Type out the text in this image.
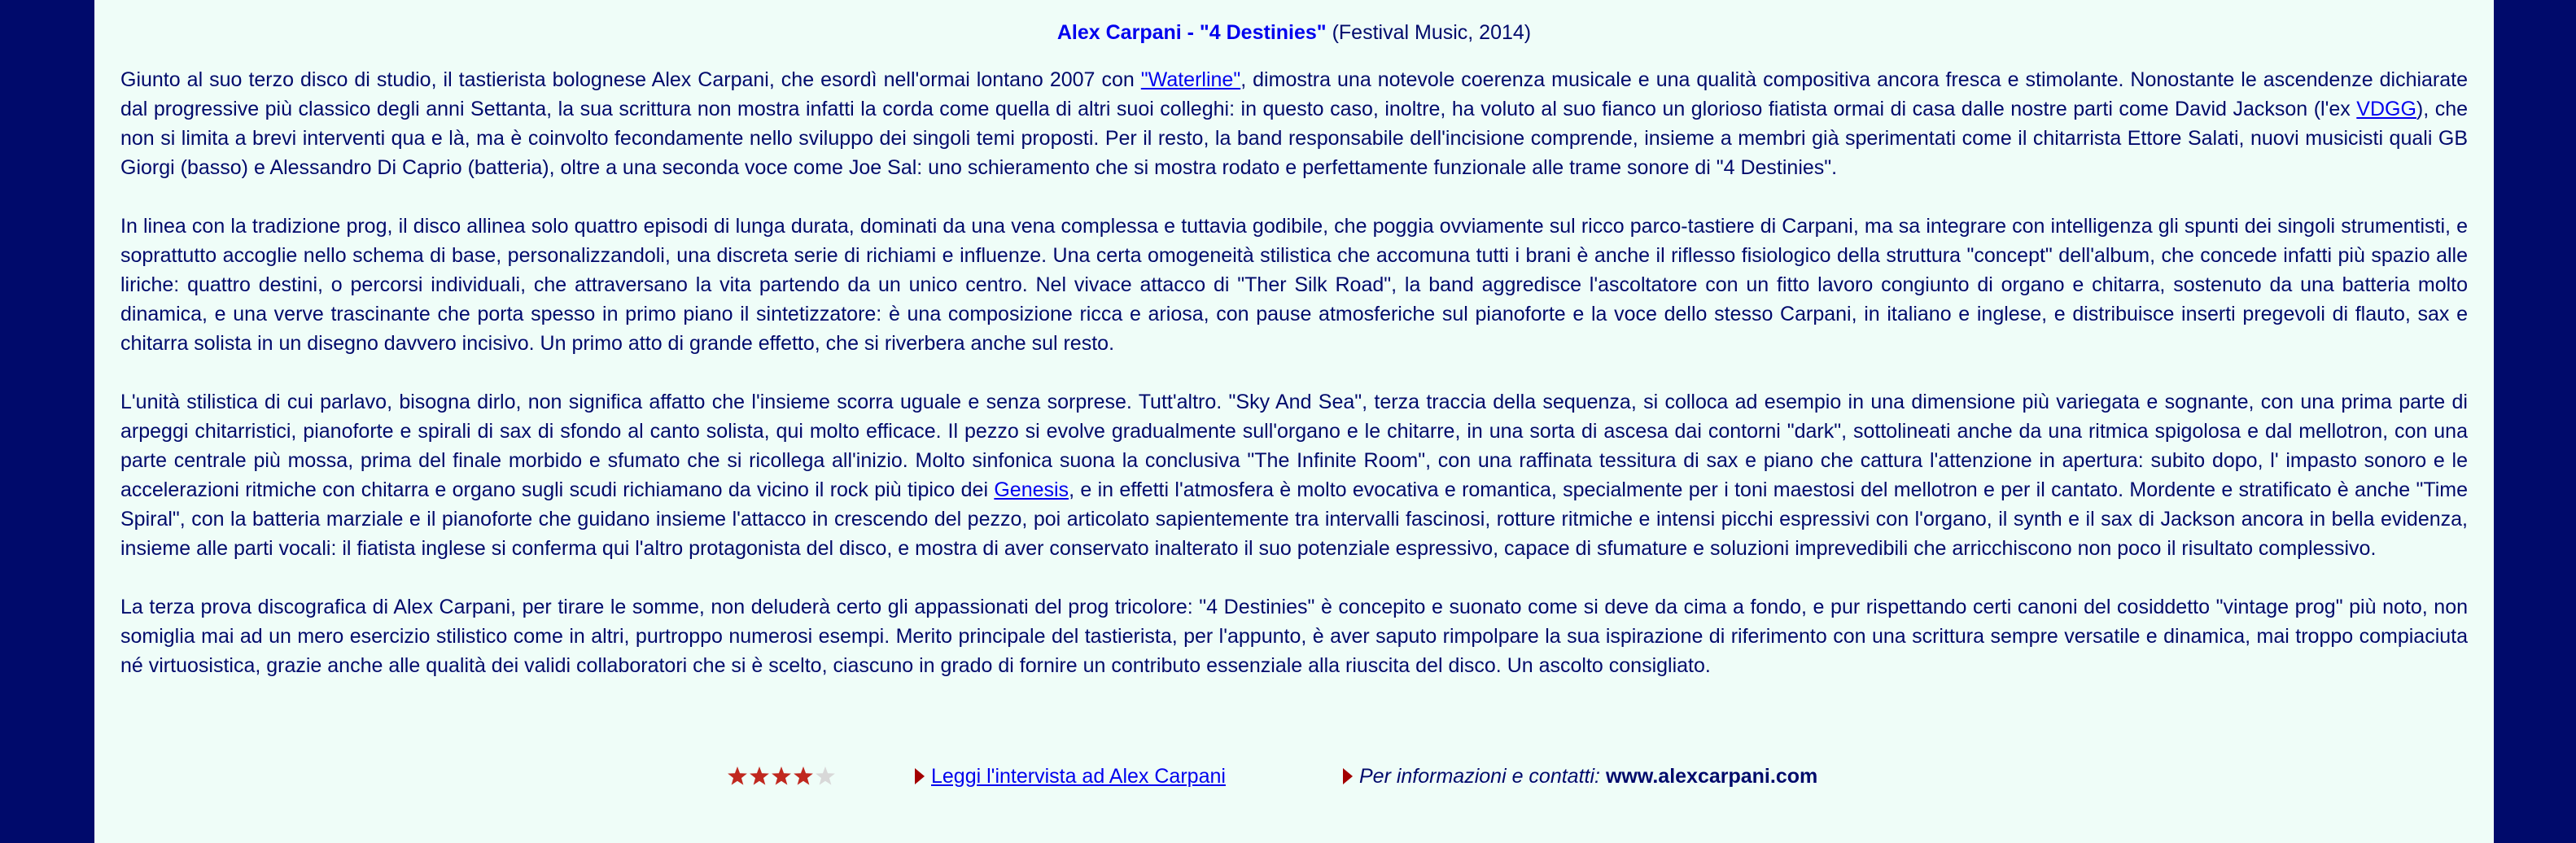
Alex Carpani - "4 Destinies" (Festival Music, 2014)

Giunto al suo terzo disco di studio, il tastierista bolognese Alex Carpani, che esordì nell'ormai lontano 2007 con "Waterline", dimostra una notevole coerenza musicale e una qualità compositiva ancora fresca e stimolante. Nonostante le ascendenze dichiarate dal progressive più classico degli anni Settanta, la sua scrittura non mostra infatti la corda come quella di altri suoi colleghi: in questo caso, inoltre, ha voluto al suo fianco un glorioso fiatista ormai di casa dalle nostre parti come David Jackson (l'ex VDGG), che non si limita a brevi interventi qua e là, ma è coinvolto fecondamente nello sviluppo dei singoli temi proposti. Per il resto, la band responsabile dell'incisione comprende, insieme a membri già sperimentati come il chitarrista Ettore Salati, nuovi musicisti quali GB Giorgi (basso) e Alessandro Di Caprio (batteria), oltre a una seconda voce come Joe Sal: uno schieramento che si mostra rodato e perfettamente funzionale alle trame sonore di "4 Destinies".

In linea con la tradizione prog, il disco allinea solo quattro episodi di lunga durata, dominati da una vena complessa e tuttavia godibile, che poggia ovviamente sul ricco parco-tastiere di Carpani, ma sa integrare con intelligenza gli spunti dei singoli strumentisti, e soprattutto accoglie nello schema di base, personalizzandoli, una discreta serie di richiami e influenze. Una certa omogeneità stilistica che accomuna tutti i brani è anche il riflesso fisiologico della struttura "concept" dell'album, che concede infatti più spazio alle liriche: quattro destini, o percorsi individuali, che attraversano la vita partendo da un unico centro. Nel vivace attacco di "Ther Silk Road", la band aggredisce l'ascoltatore con un fitto lavoro congiunto di organo e chitarra, sostenuto da una batteria molto dinamica, e una verve trascinante che porta spesso in primo piano il sintetizzatore: è una composizione ricca e ariosa, con pause atmosferiche sul pianoforte e la voce dello stesso Carpani, in italiano e inglese, e distribuisce inserti pregevoli di flauto, sax e chitarra solista in un disegno davvero incisivo. Un primo atto di grande effetto, che si riverbera anche sul resto.

L'unità stilistica di cui parlavo, bisogna dirlo, non significa affatto che l'insieme scorra uguale e senza sorprese. Tutt'altro. "Sky And Sea", terza traccia della sequenza, si colloca ad esempio in una dimensione più variegata e sognante, con una prima parte di arpeggi chitarristici, pianoforte e spirali di sax di sfondo al canto solista, qui molto efficace. Il pezzo si evolve gradualmente sull'organo e le chitarre, in una sorta di ascesa dai contorni "dark", sottolineati anche da una ritmica spigolosa e dal mellotron, con una parte centrale più mossa, prima del finale morbido e sfumato che si ricollega all'inizio. Molto sinfonica suona la conclusiva "The Infinite Room", con una raffinata tessitura di sax e piano che cattura l'attenzione in apertura: subito dopo, l' impasto sonoro e le accelerazioni ritmiche con chitarra e organo sugli scudi richiamano da vicino il rock più tipico dei Genesis, e in effetti l'atmosfera è molto evocativa e romantica, specialmente per i toni maestosi del mellotron e per il cantato. Mordente e stratificato è anche "Time Spiral", con la batteria marziale e il pianoforte che guidano insieme l'attacco in crescendo del pezzo, poi articolato sapientemente tra intervalli fascinosi, rotture ritmiche e intensi picchi espressivi con l'organo, il synth e il sax di Jackson ancora in bella evidenza, insieme alle parti vocali: il fiatista inglese si conferma qui l'altro protagonista del disco, e mostra di aver conservato inalterato il suo potenziale espressivo, capace di sfumature e soluzioni imprevedibili che arricchiscono non poco il risultato complessivo.

La terza prova discografica di Alex Carpani, per tirare le somme, non deluderà certo gli appassionati del prog tricolore: "4 Destinies" è concepito e suonato come si deve da cima a fondo, e pur rispettando certi canoni del cosiddetto "vintage prog" più noto, non somiglia mai ad un mero esercizio stilistico come in altri, purtroppo numerosi esempi. Merito principale del tastierista, per l'appunto, è aver saputo rimpolpare la sua ispirazione di riferimento con una scrittura sempre versatile e dinamica, mai troppo compiaciuta né virtuosistica, grazie anche alle qualità dei validi collaboratori che si è scelto, ciascuno in grado di fornire un contributo essenziale alla riuscita del disco. Un ascolto consigliato.

Leggi l'intervista ad Alex Carpani	Per informazioni e contatti: www.alexcarpani.com
